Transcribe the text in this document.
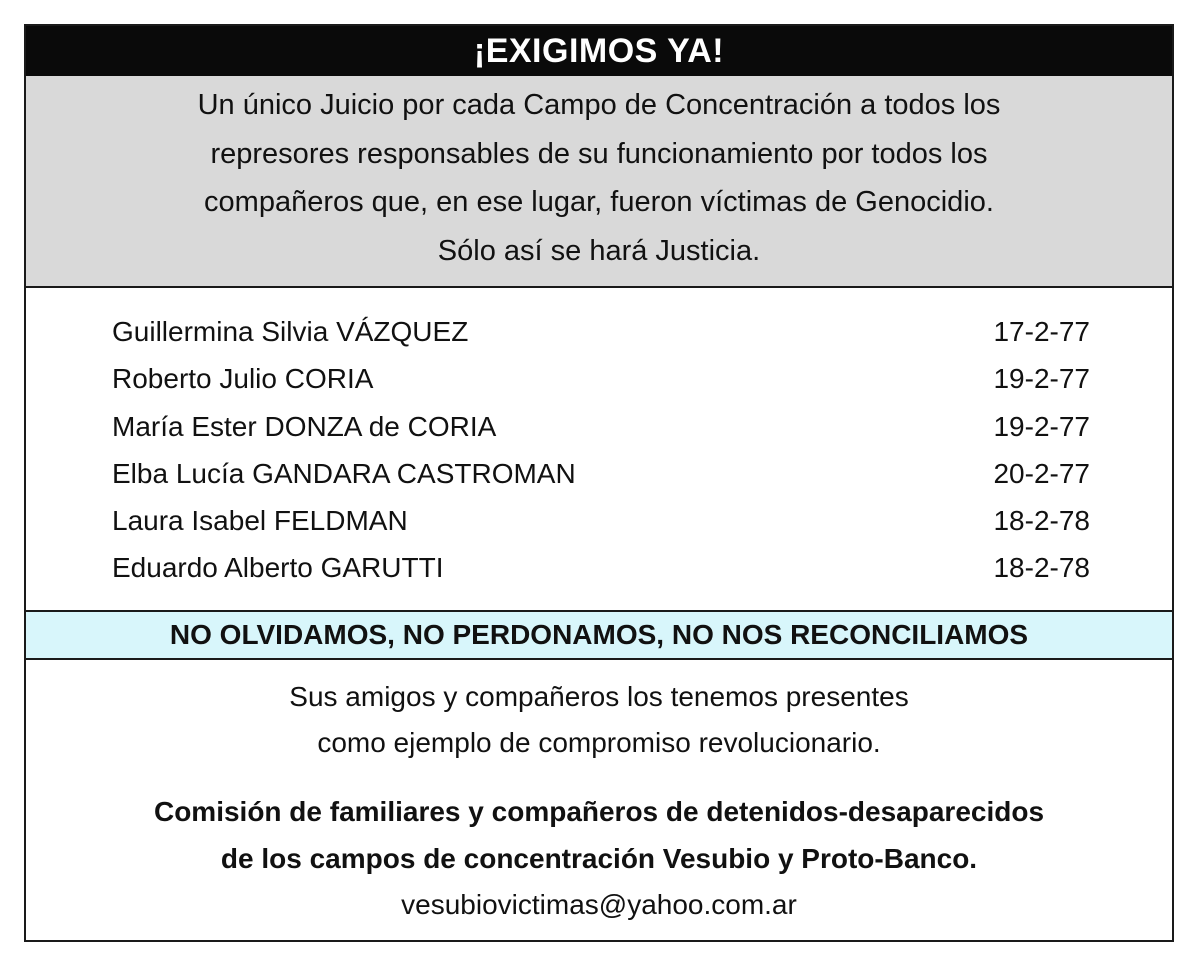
¡EXIGIMOS YA!
Un único Juicio por cada Campo de Concentración a todos los
represores responsables de su funcionamiento por todos los
compañeros que, en ese lugar, fueron víctimas de Genocidio.
Sólo así se hará Justicia.
Guillermina Silvia VÁZQUEZ	17-2-77
Roberto Julio CORIA	19-2-77
María Ester DONZA de CORIA	19-2-77
Elba Lucía GANDARA CASTROMAN	20-2-77
Laura Isabel FELDMAN	18-2-78
Eduardo Alberto GARUTTI	18-2-78
NO OLVIDAMOS, NO PERDONAMOS, NO NOS RECONCILIAMOS
Sus amigos y compañeros los tenemos presentes
como ejemplo de compromiso revolucionario.
Comisión de familiares y compañeros de detenidos-desaparecidos
de los campos de concentración Vesubio y Proto-Banco.
vesubiovictimas@yahoo.com.ar
